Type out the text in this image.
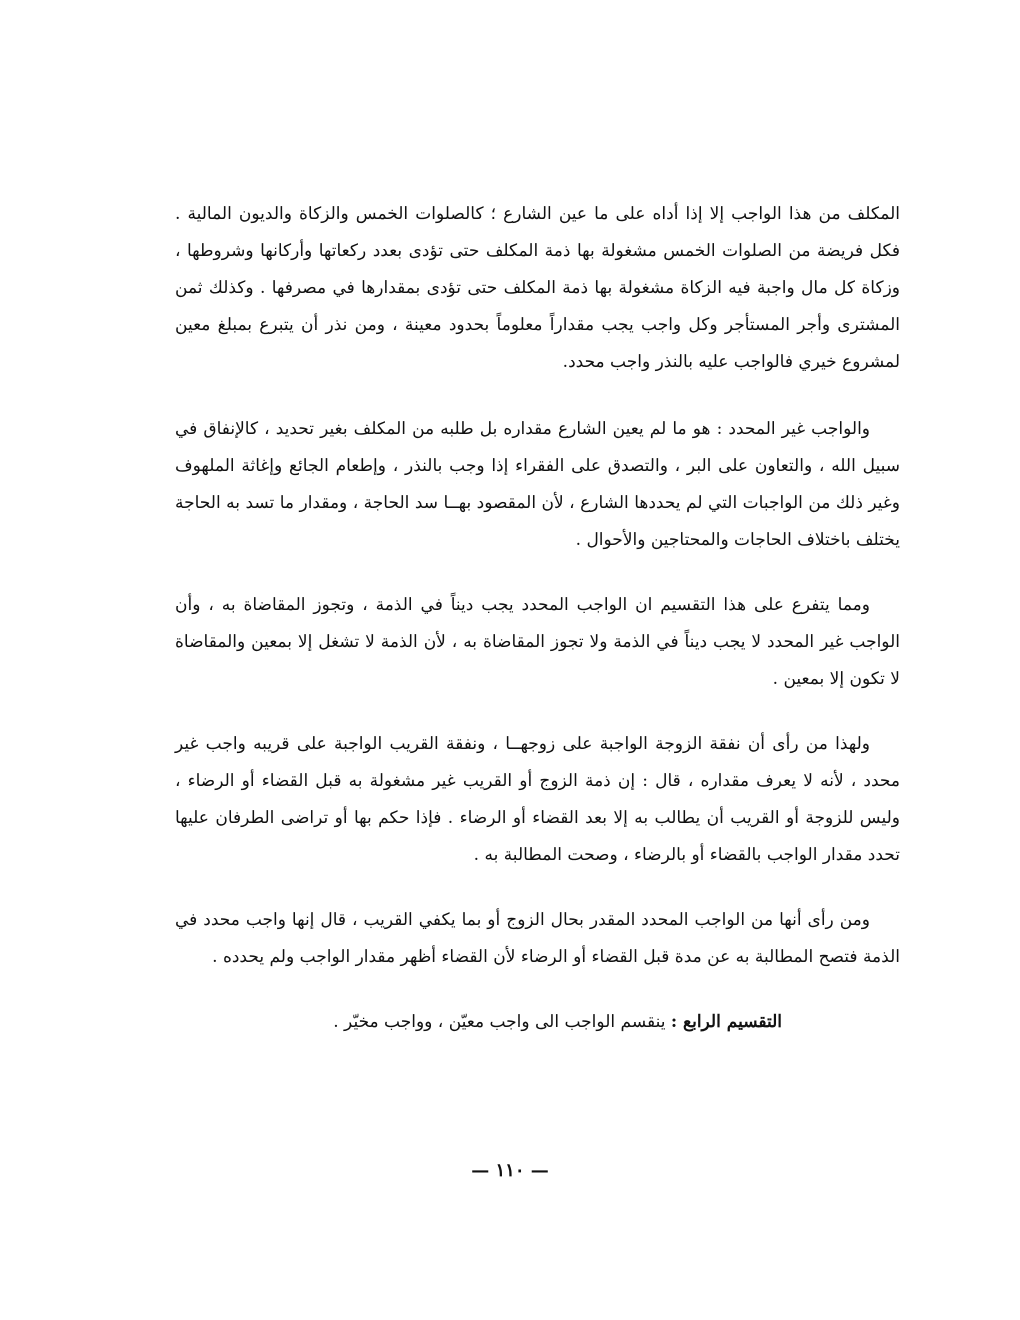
المكلف من هذا الواجب إلا إذا أداه على ما عين الشارع ؛ كالصلوات الخمس والزكاة والديون المالية . فكل فريضة من الصلوات الخمس مشغولة بها ذمة المكلف حتى تؤدى بعدد ركعاتها وأركانها وشروطها ، وزكاة كل مال واجبة فيه الزكاة مشغولة بها ذمة المكلف حتى تؤدى بمقدارها في مصرفها . وكذلك ثمن المشترى وأجر المستأجر وكل واجب يجب مقداراً معلوماً بحدود معينة ، ومن نذر أن يتبرع بمبلغ معين لمشروع خيري فالواجب عليه بالنذر واجب محدد.

والواجب غير المحدد : هو ما لم يعين الشارع مقداره بل طلبه من المكلف بغير تحديد ، كالإنفاق في سبيل الله ، والتعاون على البر ، والتصدق على الفقراء إذا وجب بالنذر ، وإطعام الجائع وإغاثة الملهوف وغير ذلك من الواجبات التي لم يحددها الشارع ، لأن المقصود بهــا سد الحاجة ، ومقدار ما تسد به الحاجة يختلف باختلاف الحاجات والمحتاجين والأحوال .

ومما يتفرع على هذا التقسيم ان الواجب المحدد يجب ديناً في الذمة ، وتجوز المقاضاة به ، وأن الواجب غير المحدد لا يجب ديناً في الذمة ولا تجوز المقاضاة به ، لأن الذمة لا تشغل إلا بمعين والمقاضاة لا تكون إلا بمعين .

ولهذا من رأى أن نفقة الزوجة الواجبة على زوجهــا ، ونفقة القريب الواجبة على قريبه واجب غير محدد ، لأنه لا يعرف مقداره ، قال : إن ذمة الزوج أو القريب غير مشغولة به قبل القضاء أو الرضاء ، وليس للزوجة أو القريب أن يطالب به إلا بعد القضاء أو الرضاء . فإذا حكم بها أو تراضى الطرفان عليها تحدد مقدار الواجب بالقضاء أو بالرضاء ، وصحت المطالبة به .

ومن رأى أنها من الواجب المحدد المقدر بحال الزوج أو بما يكفي القريب ، قال إنها واجب محدد في الذمة فتصح المطالبة به عن مدة قبل القضاء أو الرضاء لأن القضاء أظهر مقدار الواجب ولم يحدده .

التقسيم الرابع : ينقسم الواجب الى واجب معيّن ، وواجب مخيّر .
— ١١٠ —
